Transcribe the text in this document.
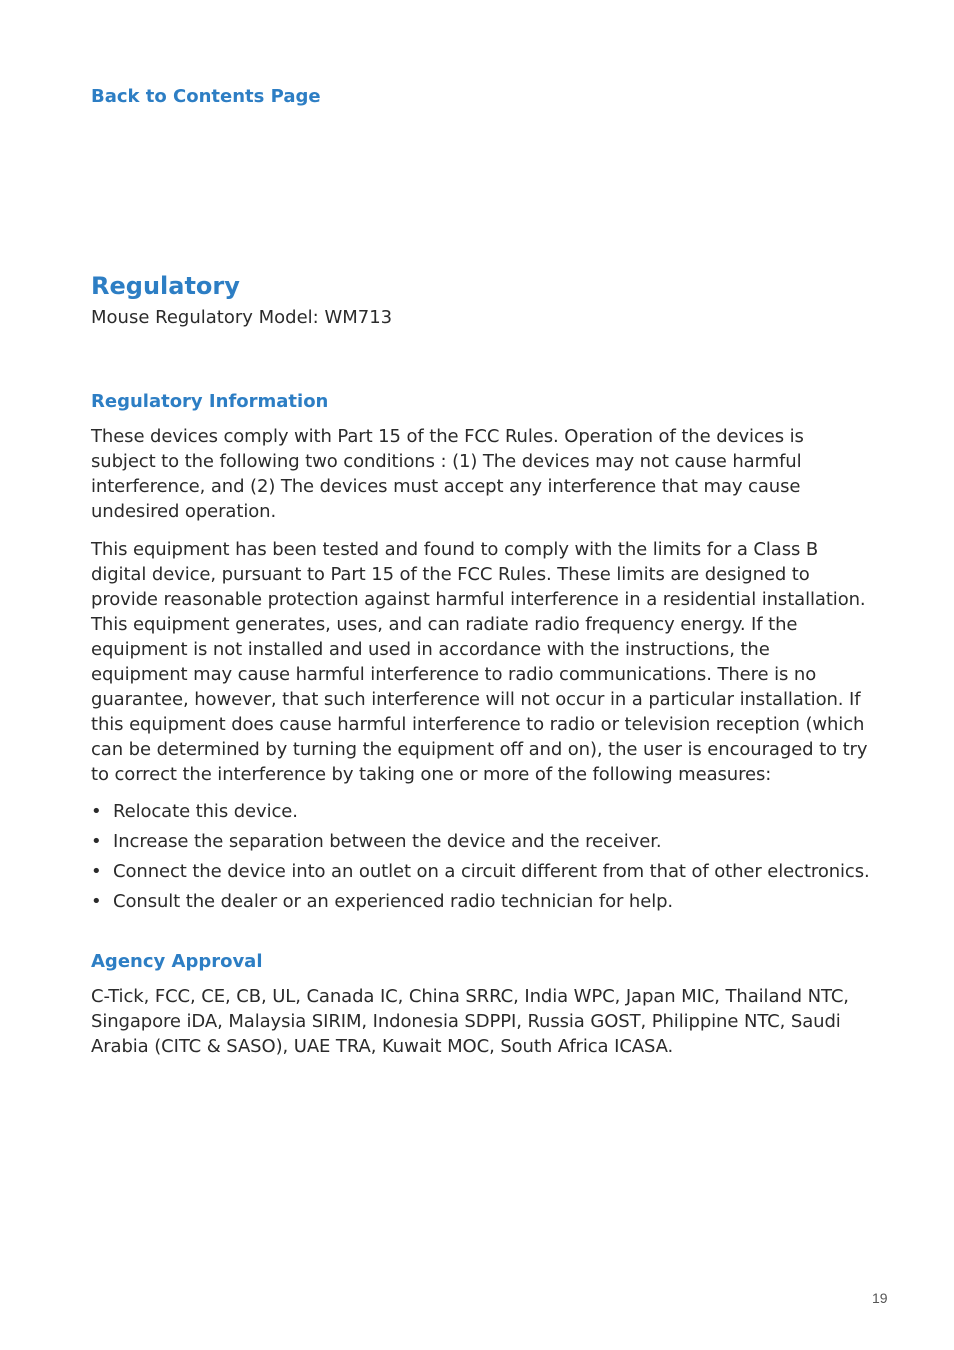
Back to Contents Page
Regulatory
Mouse Regulatory Model: WM713
Regulatory Information

These devices comply with Part 15 of the FCC Rules. Operation of the devices is subject to the following two conditions : (1) The devices may not cause harmful interference, and (2) The devices must accept any interference that may cause undesired operation.

This equipment has been tested and found to comply with the limits for a Class B digital device, pursuant to Part 15 of the FCC Rules. These limits are designed to provide reasonable protection against harmful interference in a residential installation. This equipment generates, uses, and can radiate radio frequency energy. If the equipment is not installed and used in accordance with the instructions, the equipment may cause harmful interference to radio communications. There is no guarantee, however, that such interference will not occur in a particular installation. If this equipment does cause harmful interference to radio or television reception (which can be determined by turning the equipment off and on), the user is encouraged to try to correct the interference by taking one or more of the following measures:

• Relocate this device.
• Increase the separation between the device and the receiver.
• Connect the device into an outlet on a circuit different from that of other electronics.
• Consult the dealer or an experienced radio technician for help.
Agency Approval

C-Tick, FCC, CE, CB, UL, Canada IC, China SRRC, India WPC, Japan MIC, Thailand NTC, Singapore iDA, Malaysia SIRIM, Indonesia SDPPI, Russia GOST, Philippine NTC, Saudi Arabia (CITC & SASO), UAE TRA, Kuwait MOC, South Africa ICASA.

19
